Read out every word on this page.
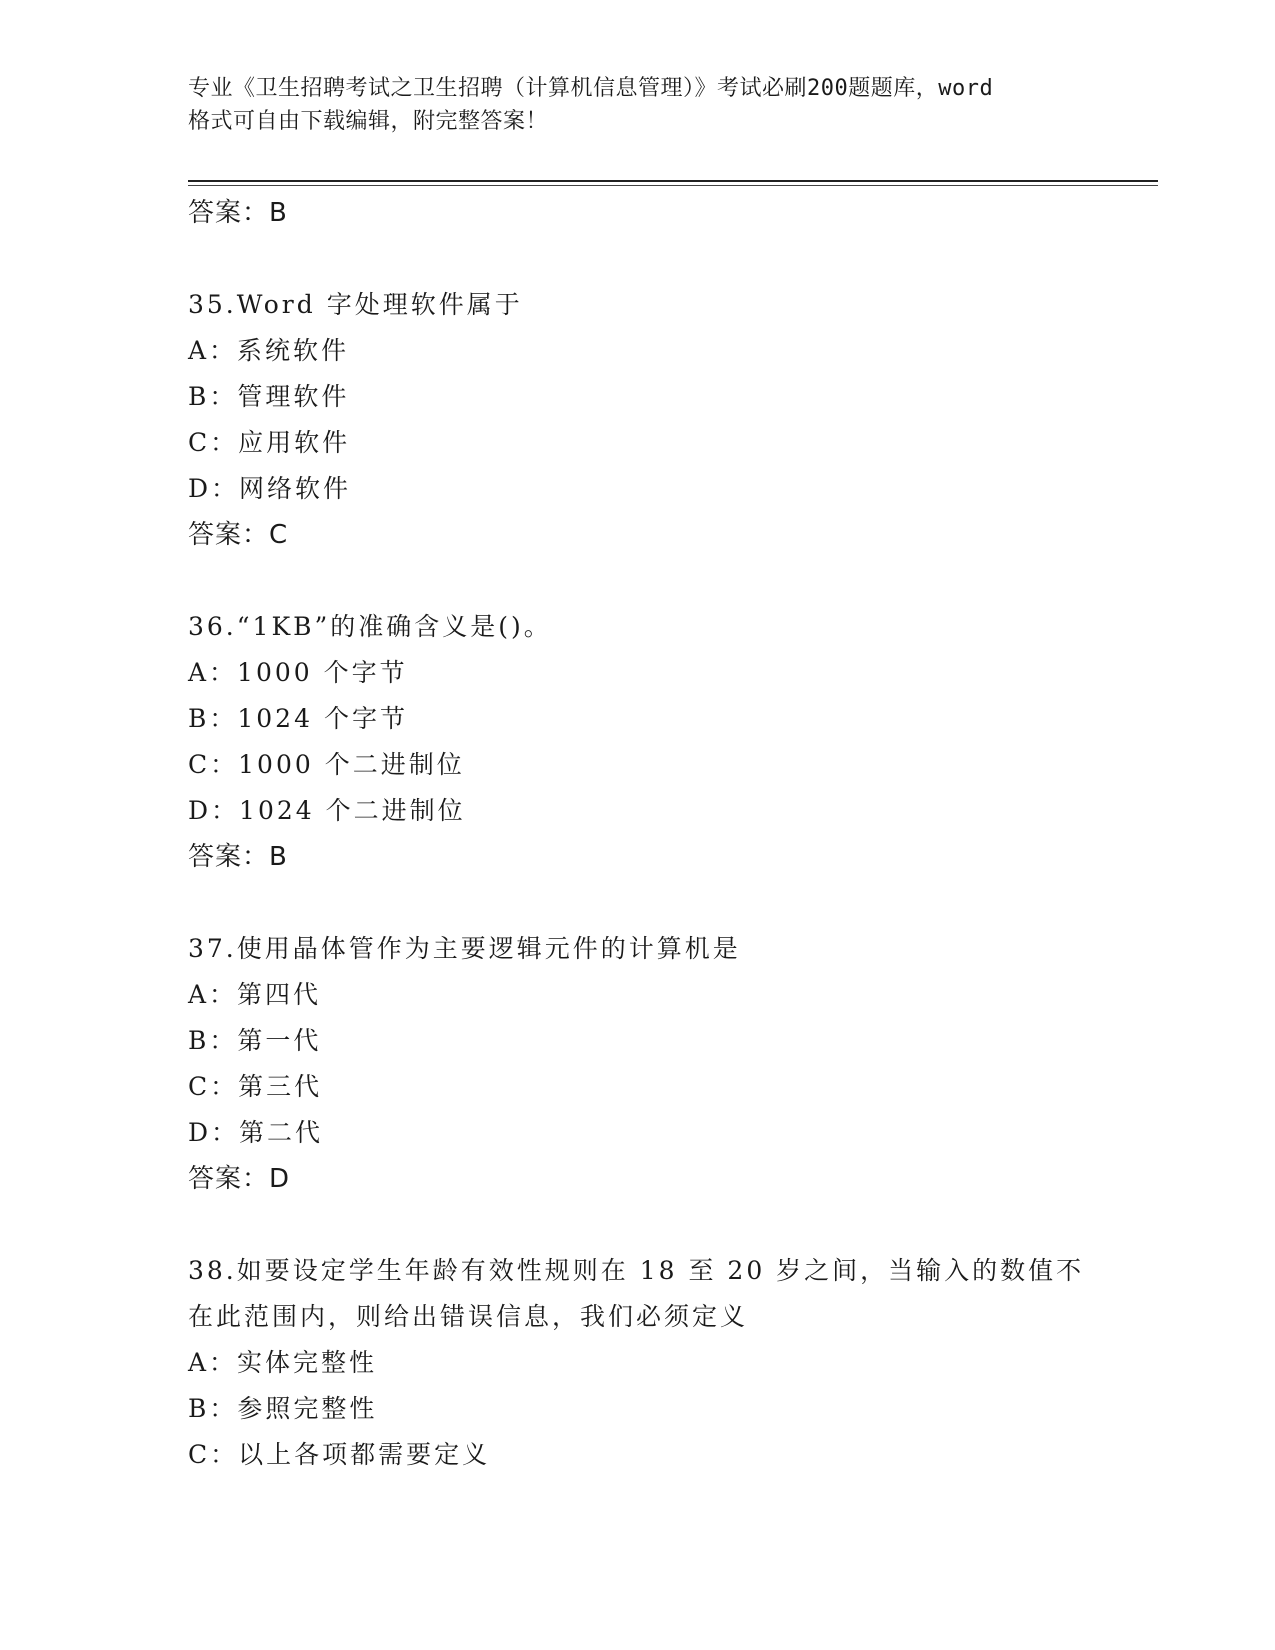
专业《卫生招聘考试之卫生招聘（计算机信息管理）》考试必刷200题题库，word
格式可自由下载编辑，附完整答案！
答案：B
35.Word 字处理软件属于
A：系统软件
B：管理软件
C：应用软件
D：网络软件
答案：C
36.“1KB”的准确含义是()。
A：1000 个字节
B：1024 个字节
C：1000 个二进制位
D：1024 个二进制位
答案：B
37.使用晶体管作为主要逻辑元件的计算机是
A：第四代
B：第一代
C：第三代
D：第二代
答案：D
38.如要设定学生年龄有效性规则在 18 至 20 岁之间，当输入的数值不在此范围内，则给出错误信息，我们必须定义
A：实体完整性
B：参照完整性
C：以上各项都需要定义
